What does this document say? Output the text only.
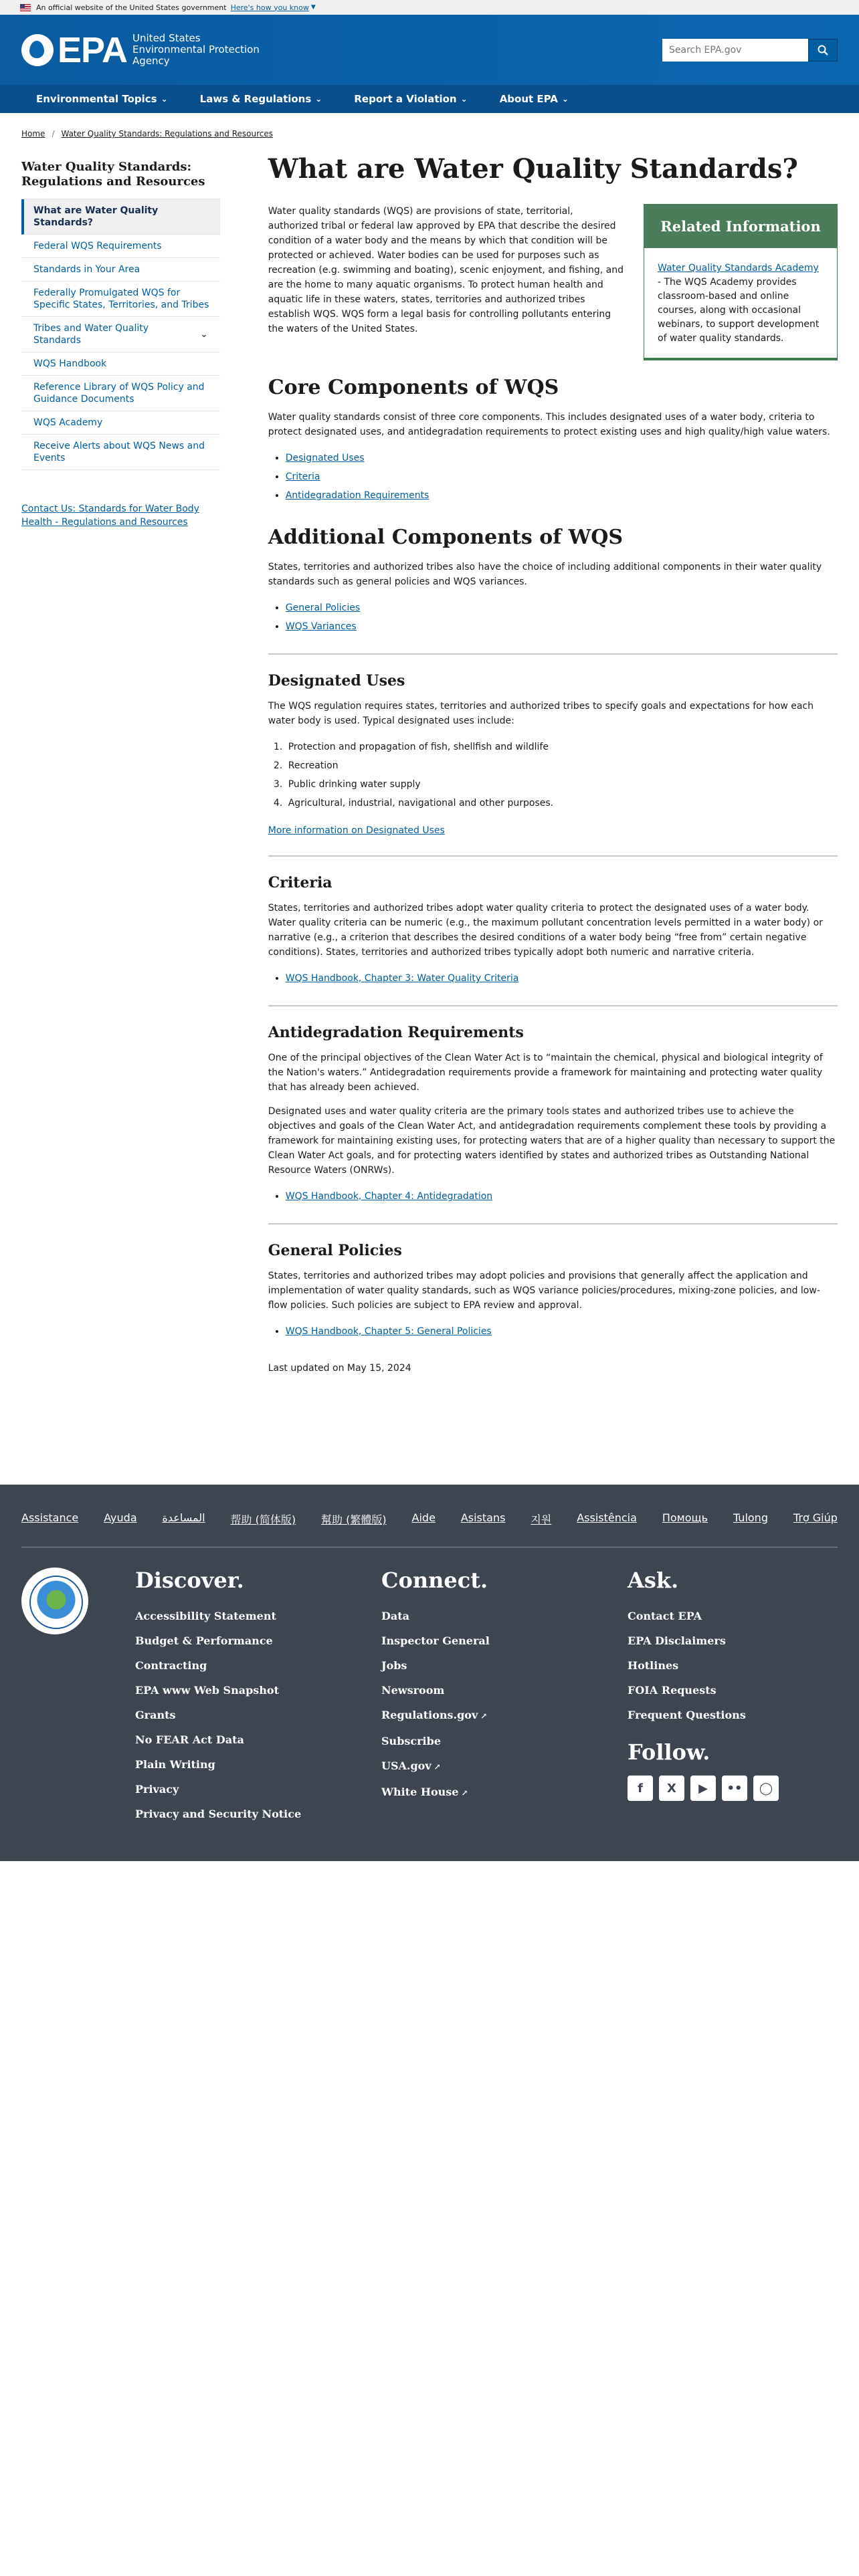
An official website of the United States government Here's how you know ▼
EPA United States
Environmental Protection
Agency
Search EPA.gov
Environmental Topics ⌄	Laws & Regulations ⌄	Report a Violation ⌄	About EPA ⌄
Home / Water Quality Standards: Regulations and Resources
Water Quality Standards: Regulations and Resources
What are Water Quality Standards?
Federal WQS Requirements
Standards in Your Area
Federally Promulgated WQS for Specific States, Territories, and Tribes
Tribes and Water Quality Standards
⌄
WQS Handbook
Reference Library of WQS Policy and Guidance Documents
WQS Academy
Receive Alerts about WQS News and Events
Contact Us: Standards for Water Body Health - Regulations and Resources
What are Water Quality Standards?
Related Information
Water Quality Standards Academy - The WQS Academy provides classroom-based and online courses, along with occasional webinars, to support development of water quality standards.

Water quality standards (WQS) are provisions of state, territorial, authorized tribal or federal law approved by EPA that describe the desired condition of a water body and the means by which that condition will be protected or achieved. Water bodies can be used for purposes such as recreation (e.g. swimming and boating), scenic enjoyment, and fishing, and are the home to many aquatic organisms. To protect human health and aquatic life in these waters, states, territories and authorized tribes establish WQS. WQS form a legal basis for controlling pollutants entering the waters of the United States.

Core Components of WQS

Water quality standards consist of three core components. This includes designated uses of a water body, criteria to protect designated uses, and antidegradation requirements to protect existing uses and high quality/high value waters.

• Designated Uses
• Criteria
• Antidegradation Requirements
Additional Components of WQS

States, territories and authorized tribes also have the choice of including additional components in their water quality standards such as general policies and WQS variances.

• General Policies
• WQS Variances
Designated Uses

The WQS regulation requires states, territories and authorized tribes to specify goals and expectations for how each water body is used. Typical designated uses include:

1. Protection and propagation of fish, shellfish and wildlife
2. Recreation
3. Public drinking water supply
4. Agricultural, industrial, navigational and other purposes.

More information on Designated Uses

Criteria

States, territories and authorized tribes adopt water quality criteria to protect the designated uses of a water body. Water quality criteria can be numeric (e.g., the maximum pollutant concentration levels permitted in a water body) or narrative (e.g., a criterion that describes the desired conditions of a water body being “free from” certain negative conditions). States, territories and authorized tribes typically adopt both numeric and narrative criteria.

• WQS Handbook, Chapter 3: Water Quality Criteria
Antidegradation Requirements

One of the principal objectives of the Clean Water Act is to “maintain the chemical, physical and biological integrity of the Nation's waters.” Antidegradation requirements provide a framework for maintaining and protecting water quality that has already been achieved.

Designated uses and water quality criteria are the primary tools states and authorized tribes use to achieve the objectives and goals of the Clean Water Act, and antidegradation requirements complement these tools by providing a framework for maintaining existing uses, for protecting waters that are of a higher quality than necessary to support the Clean Water Act goals, and for protecting waters identified by states and authorized tribes as Outstanding National Resource Waters (ONRWs).

• WQS Handbook, Chapter 4: Antidegradation
General Policies

States, territories and authorized tribes may adopt policies and provisions that generally affect the application and implementation of water quality standards, such as WQS variance policies/procedures, mixing-zone policies, and low-flow policies. Such policies are subject to EPA review and approval.

• WQS Handbook, Chapter 5: General Policies

Last updated on May 15, 2024

Assistance Ayuda المساعدة 帮助 (简体版) 幫助 (繁體版) Aide Asistans 지원 Assistência Помощь Tulong Trợ Giúp
Discover.
Accessibility Statement
Budget & Performance
Contracting
EPA www Web Snapshot
Grants
No FEAR Act Data
Plain Writing
Privacy
Privacy and Security Notice
Connect.
Data
Inspector General
Jobs
Newsroom
Regulations.gov ↗
Subscribe
USA.gov ↗
White House ↗
Ask.
Contact EPA
EPA Disclaimers
Hotlines
FOIA Requests
Frequent Questions
Follow.
f	X	▶	••	◯
